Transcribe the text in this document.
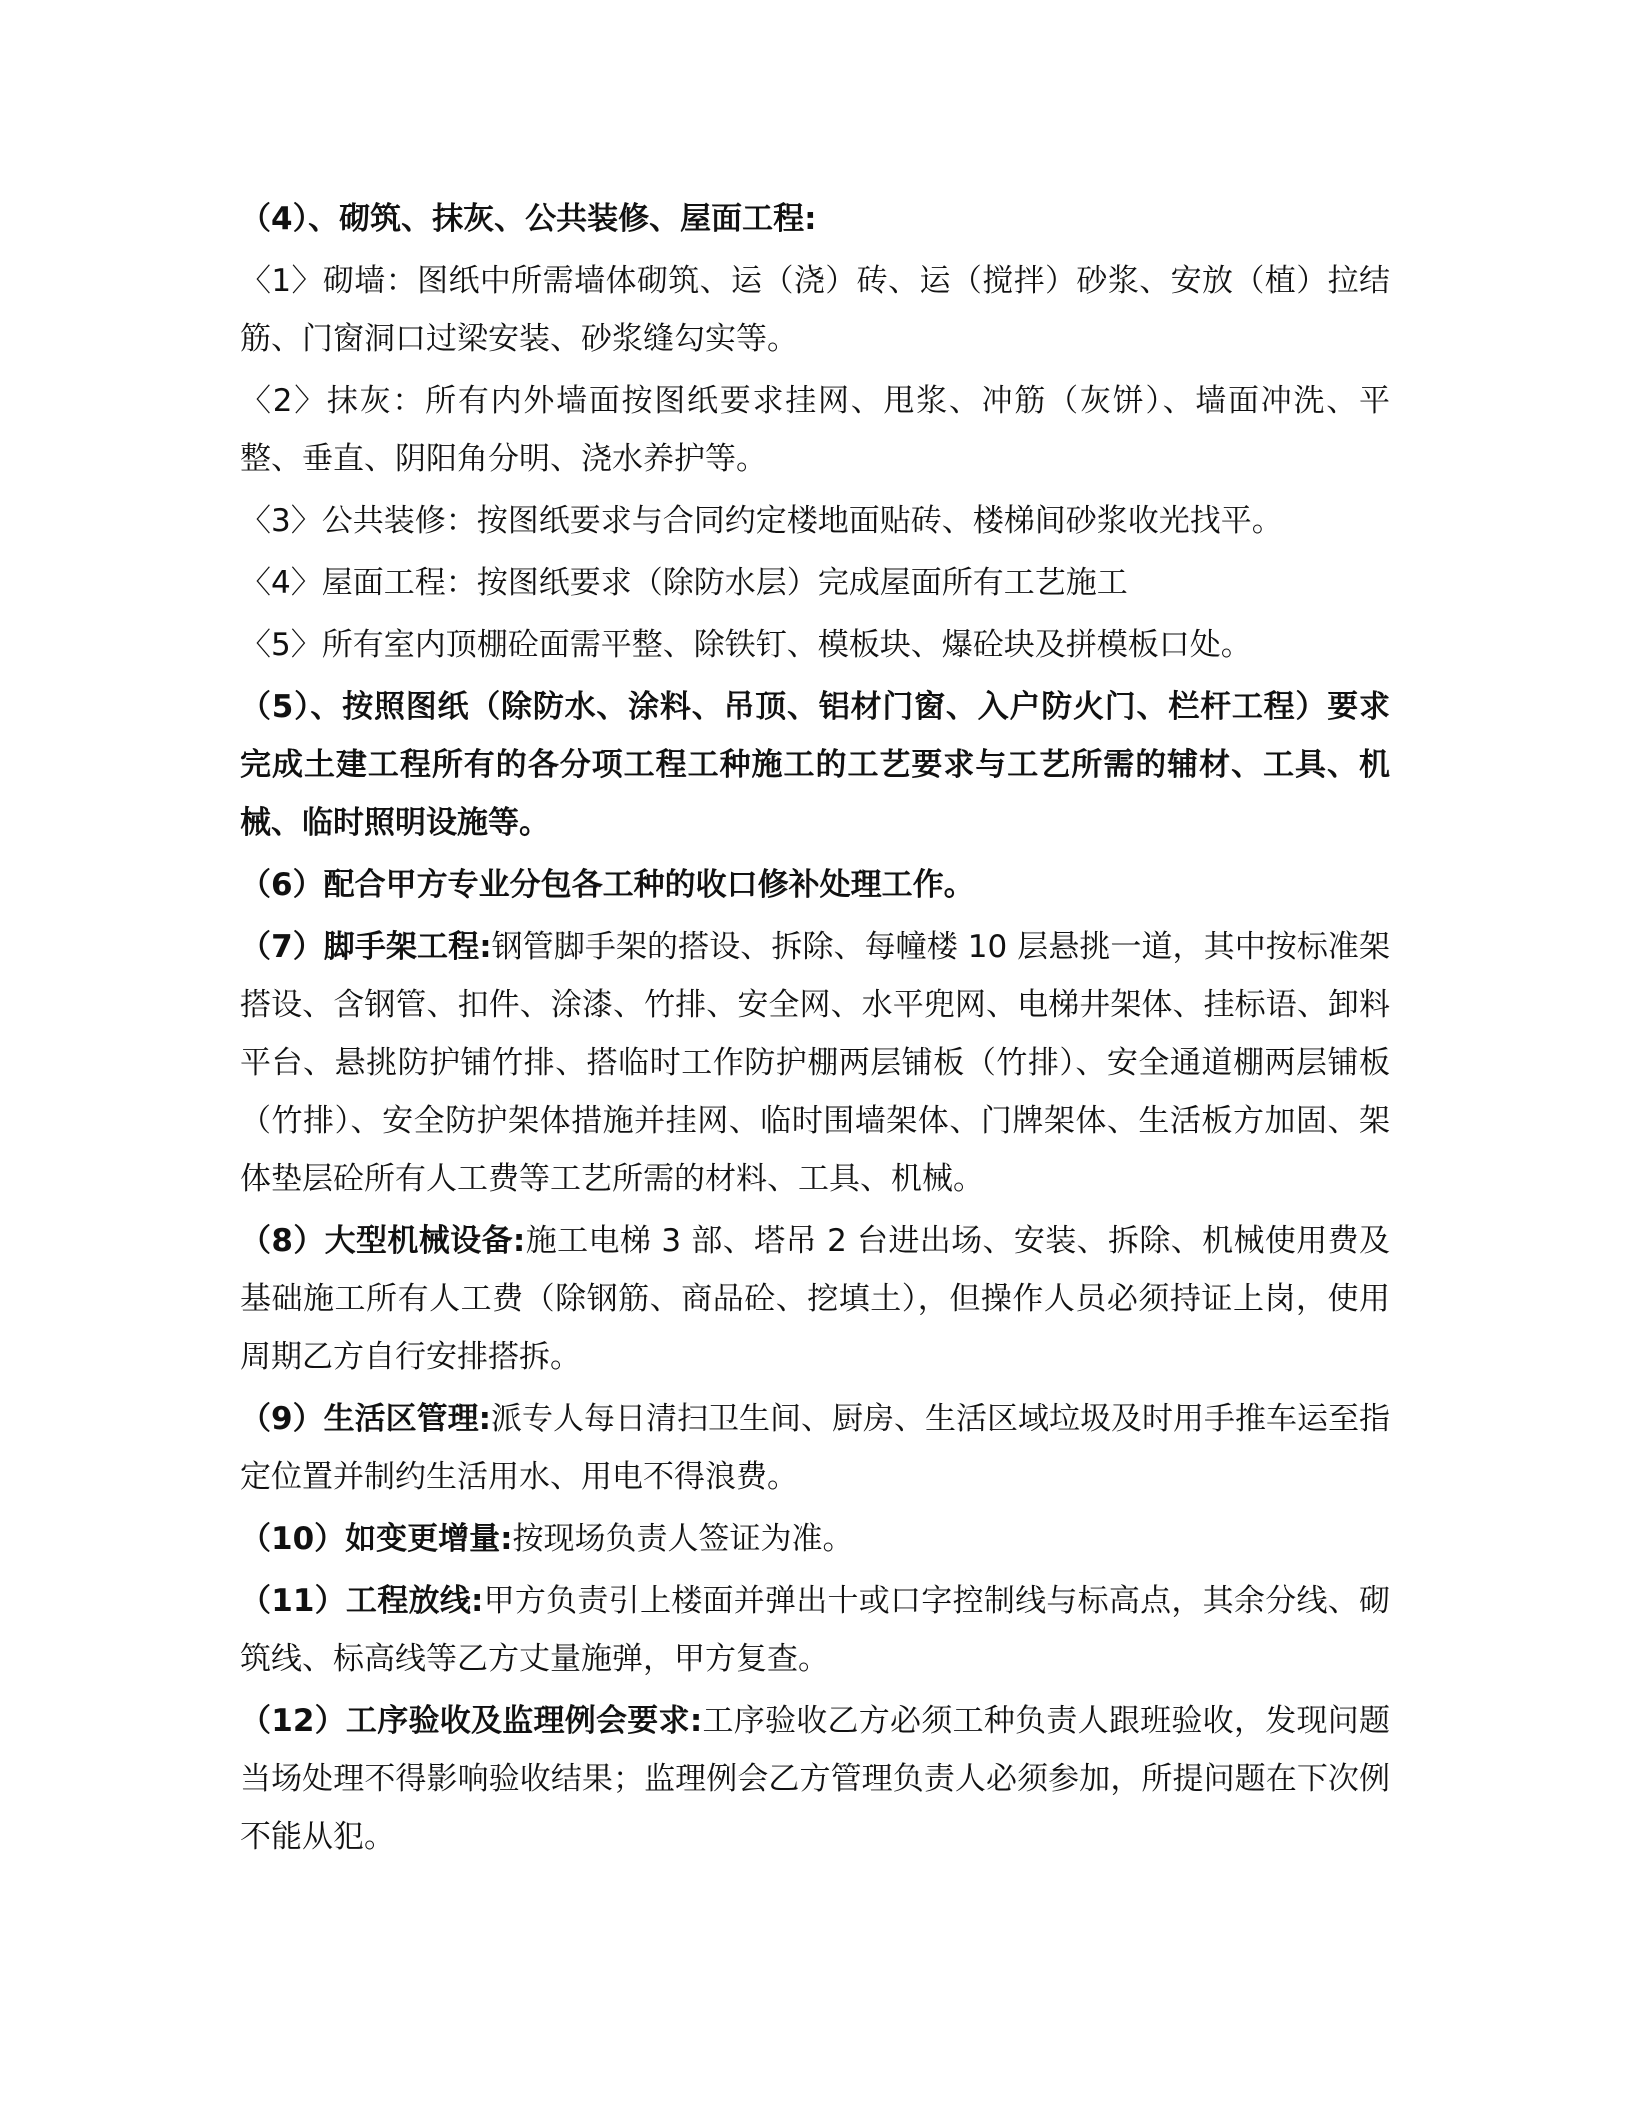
（4）、砌筑、抹灰、公共装修、屋面工程:

〈1〉砌墙：图纸中所需墙体砌筑、运（浇）砖、运（搅拌）砂浆、安放（植）拉结筋、门窗洞口过梁安装、砂浆缝勾实等。

〈2〉抹灰：所有内外墙面按图纸要求挂网、甩浆、冲筋（灰饼）、墙面冲洗、平整、垂直、阴阳角分明、浇水养护等。

〈3〉公共装修：按图纸要求与合同约定楼地面贴砖、楼梯间砂浆收光找平。

〈4〉屋面工程：按图纸要求（除防水层）完成屋面所有工艺施工

〈5〉所有室内顶棚砼面需平整、除铁钉、模板块、爆砼块及拼模板口处。

（5）、按照图纸（除防水、涂料、吊顶、铝材门窗、入户防火门、栏杆工程）要求完成土建工程所有的各分项工程工种施工的工艺要求与工艺所需的辅材、工具、机械、临时照明设施等。

（6）配合甲方专业分包各工种的收口修补处理工作。

（7）脚手架工程:钢管脚手架的搭设、拆除、每幢楼 10 层悬挑一道，其中按标准架搭设、含钢管、扣件、涂漆、竹排、安全网、水平兜网、电梯井架体、挂标语、卸料平台、悬挑防护铺竹排、搭临时工作防护棚两层铺板（竹排）、安全通道棚两层铺板（竹排）、安全防护架体措施并挂网、临时围墙架体、门牌架体、生活板方加固、架体垫层砼所有人工费等工艺所需的材料、工具、机械。

（8）大型机械设备:施工电梯 3 部、塔吊 2 台进出场、安装、拆除、机械使用费及基础施工所有人工费（除钢筋、商品砼、挖填土），但操作人员必须持证上岗，使用周期乙方自行安排搭拆。

（9）生活区管理:派专人每日清扫卫生间、厨房、生活区域垃圾及时用手推车运至指定位置并制约生活用水、用电不得浪费。

（10）如变更增量:按现场负责人签证为准。

（11）工程放线:甲方负责引上楼面并弹出十或口字控制线与标高点，其余分线、砌筑线、标高线等乙方丈量施弹，甲方复查。

（12）工序验收及监理例会要求:工序验收乙方必须工种负责人跟班验收，发现问题当场处理不得影响验收结果；监理例会乙方管理负责人必须参加，所提问题在下次例不能从犯。
